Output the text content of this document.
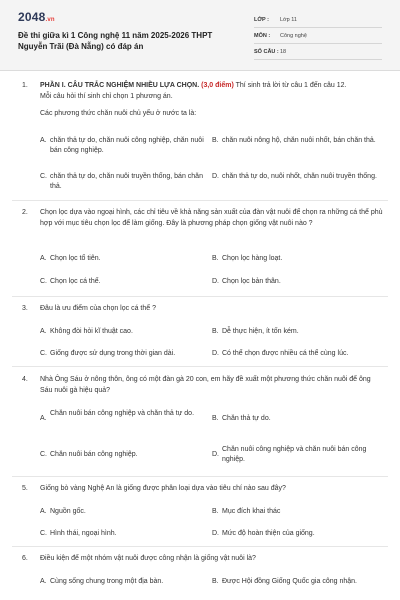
2048.vn
Đề thi giữa kì 1 Công nghệ 11 năm 2025-2026 THPT Nguyễn Trãi (Đà Nẵng) có đáp án
LỚP :	Lớp 11
MÔN :	Công nghệ
SỐ CÂU : 18
1. PHẦN I. CÂU TRẮC NGHIỆM NHIỀU LỰA CHỌN. (3,0 điểm) Thí sinh trả lời từ câu 1 đến câu 12.
Mỗi câu hỏi thí sinh chỉ chọn 1 phương án.
Các phương thức chăn nuôi chủ yếu ở nước ta là:
A. chăn thả tự do, chăn nuôi công nghiệp, chăn nuôi bán công nghiệp.
B. chăn nuôi nông hộ, chăn nuôi nhốt, bán chăn thả.
C. chăn thả tự do, chăn nuôi truyền thống, bán chăn thả.
D. chăn thả tự do, nuôi nhốt, chăn nuôi truyền thống.
2. Chọn lọc dựa vào ngoại hình, các chỉ tiêu về khả năng sản xuất của đàn vật nuôi để chọn ra những cá thể phù hợp với mục tiêu chọn lọc để làm giống. Đây là phương pháp chọn giống vật nuôi nào ?
A. Chọn lọc tổ tiên.	B. Chọn lọc hàng loạt.
C. Chọn lọc cá thể.	D. Chọn lọc bản thân.
3. Đâu là ưu điểm của chọn lọc cá thể ?
A. Không đòi hỏi kĩ thuật cao.	B. Dễ thực hiện, ít tốn kém.
C. Giống được sử dụng trong thời gian dài.	D. Có thể chọn được nhiều cá thể cùng lúc.
4. Nhà Ông Sáu ở nông thôn, ông có một đàn gà 20 con, em hãy đề xuất một phương thức chăn nuôi để ông Sáu nuôi gà hiệu quả?
A.
Chăn nuôi bán công nghiệp và chăn thả tự do.
B. Chăn thả tự do.
C. Chăn nuôi bán công nghiệp.	D.
Chăn nuôi công nghiệp và chăn nuôi bán công nghiệp.
5. Giống bò vàng Nghệ An là giống được phân loại dựa vào tiêu chí nào sau đây?
A. Nguồn gốc.	B. Mục đích khai thác
C. Hình thái, ngoại hình.	D. Mức độ hoàn thiện của giống.
6. Điều kiện để một nhóm vật nuôi được công nhận là giống vật nuôi là?
A. Cùng sống chung trong một địa bàn.	B. Được Hội đồng Giống Quốc gia công nhận.
